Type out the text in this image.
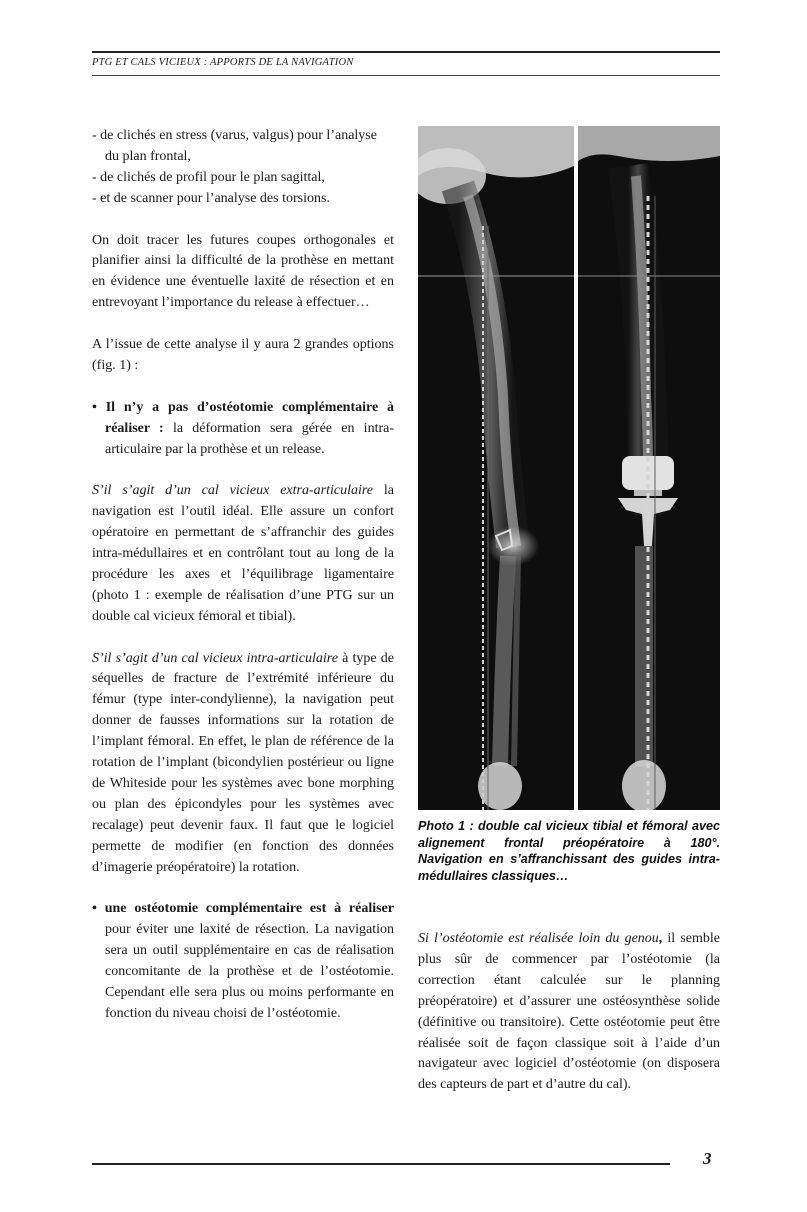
PTG ET CALS VICIEUX : APPORTS DE LA NAVIGATION

- de clichés en stress (varus, valgus) pour l’analyse du plan frontal,

- de clichés de profil pour le plan sagittal,

- et de scanner pour l’analyse des torsions.

On doit tracer les futures coupes orthogonales et planifier ainsi la difficulté de la prothèse en mettant en évidence une éventuelle laxité de résection et en entrevoyant l’importance du release à effectuer…

A l’issue de cette analyse il y aura 2 grandes options (fig. 1) :

• Il n’y a pas d’ostéotomie complémentaire à réaliser : la déformation sera gérée en intra-articulaire par la prothèse et un release.

S’il s’agit d’un cal vicieux extra-articulaire la navigation est l’outil idéal. Elle assure un confort opératoire en permettant de s’affranchir des guides intra-médullaires et en contrôlant tout au long de la procédure les axes et l’équilibrage ligamentaire (photo 1 : exemple de réalisation d’une PTG sur un double cal vicieux fémoral et tibial).

S’il s’agit d’un cal vicieux intra-articulaire à type de séquelles de fracture de l’extrémité inférieure du fémur (type inter-condylienne), la navigation peut donner de fausses informations sur la rotation de l’implant fémoral. En effet, le plan de référence de la rotation de l’implant (bicondylien postérieur ou ligne de Whiteside pour les systèmes avec bone morphing ou plan des épicondyles pour les systèmes avec recalage) peut devenir faux. Il faut que le logiciel permette de modifier (en fonction des données d’imagerie préopératoire) la rotation.

• une ostéotomie complémentaire est à réaliser pour éviter une laxité de résection. La navigation sera un outil supplémentaire en cas de réalisation concomitante de la prothèse et de l’ostéotomie. Cependant elle sera plus ou moins performante en fonction du niveau choisi de l’ostéotomie.

Photo 1 : double cal vicieux tibial et fémoral avec alignement frontal préopératoire à 180°. Navigation en s’affranchissant des guides intra-médullaires classiques…

Si l’ostéotomie est réalisée loin du genou, il semble plus sûr de commencer par l’ostéotomie (la correction étant calculée sur le planning préopératoire) et d’assurer une ostéosynthèse solide (définitive ou transitoire). Cette ostéotomie peut être réalisée soit de façon classique soit à l’aide d’un navigateur avec logiciel d’ostéotomie (on disposera des capteurs de part et d’autre du cal).

3
